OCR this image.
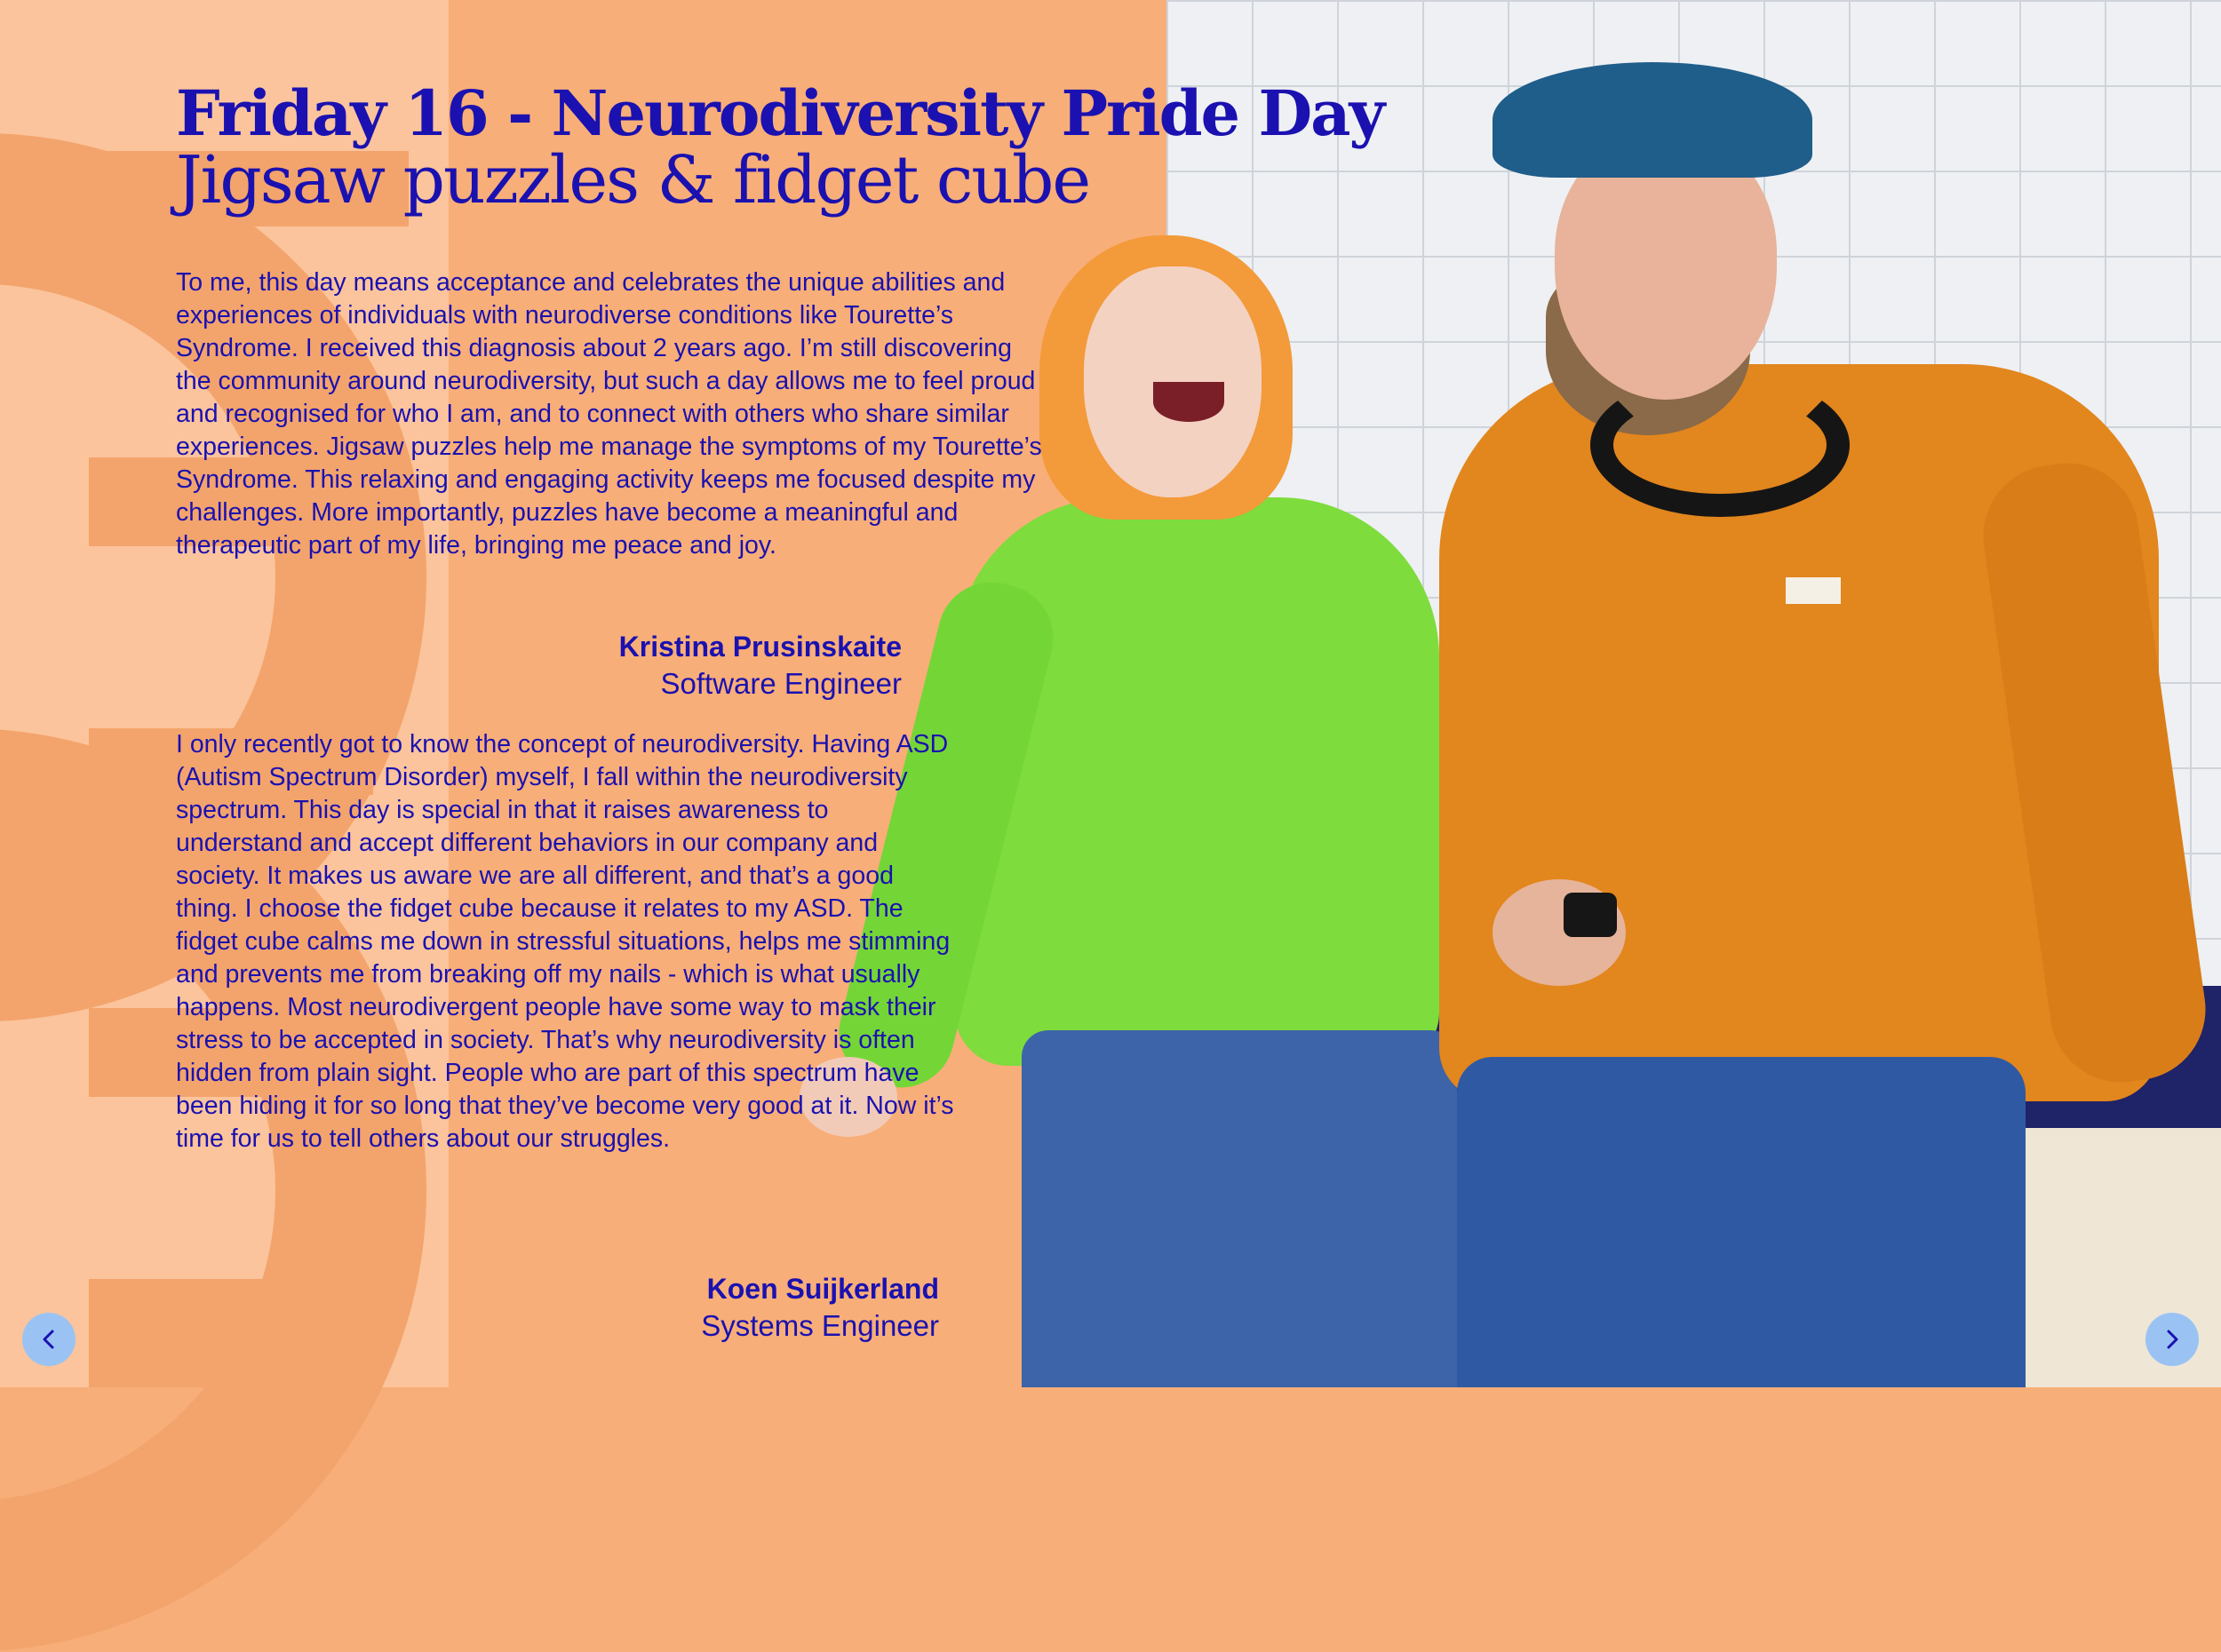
Friday 16 - Neurodiversity Pride Day
Jigsaw puzzles & fidget cube

To me, this day means acceptance and celebrates the unique abilities and experiences of individuals with neurodiverse conditions like Tourette’s Syndrome. I received this diagnosis about 2 years ago. I’m still discovering the community around neurodiversity, but such a day allows me to feel proud and recognised for who I am, and to connect with others who share similar experiences. Jigsaw puzzles help me manage the symptoms of my Tourette’s Syndrome. This relaxing and engaging activity keeps me focused despite my challenges. More importantly, puzzles have become a meaningful and therapeutic part of my life, bringing me peace and joy.

Kristina Prusinskaite
Software Engineer

I only recently got to know the concept of neurodiversity. Having ASD (Autism Spectrum Disorder) myself, I fall within the neurodiversity spectrum. This day is special in that it raises awareness to understand and accept different behaviors in our company and society. It makes us aware we are all different, and that’s a good thing. I choose the fidget cube because it relates to my ASD. The fidget cube calms me down in stressful situations, helps me stimming and prevents me from breaking off my nails - which is what usually happens. Most neurodivergent people have some way to mask their stress to be accepted in society. That’s why neurodiversity is often hidden from plain sight. People who are part of this spectrum have been hiding it for so long that they’ve become very good at it. Now it’s time for us to tell others about our struggles.

Koen Suijkerland
Systems Engineer
